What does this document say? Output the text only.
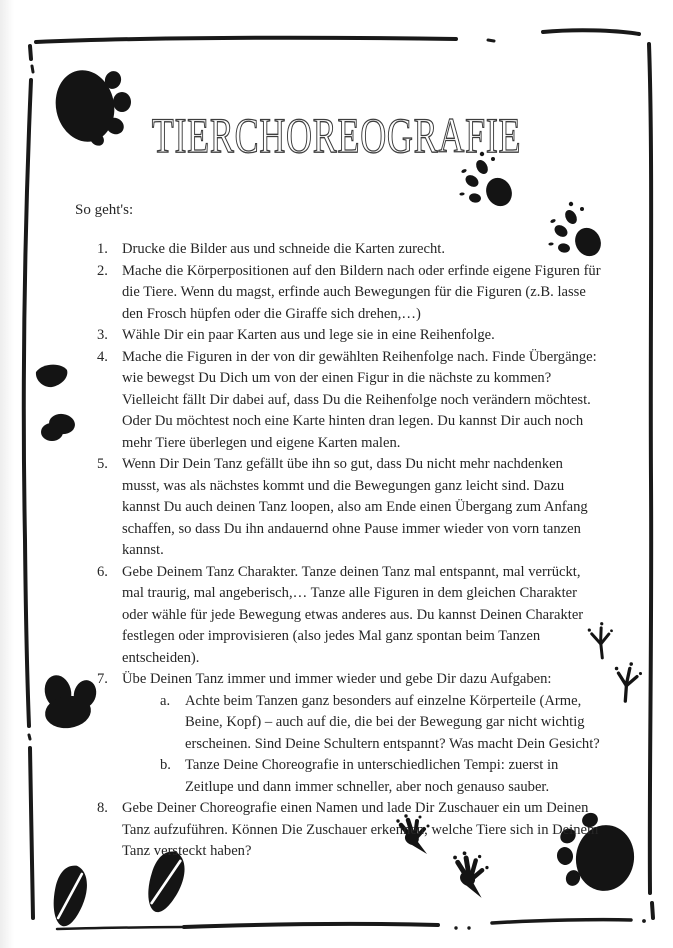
TIERCHOREOGRAFIE

So geht's:

1. Drucke die Bilder aus und schneide die Karten zurecht.
2. Mache die Körperpositionen auf den Bildern nach oder erfinde eigene Figuren für die Tiere. Wenn du magst, erfinde auch Bewegungen für die Figuren (z.B. lasse den Frosch hüpfen oder die Giraffe sich drehen,…)
3. Wähle Dir ein paar Karten aus und lege sie in eine Reihenfolge.
4. Mache die Figuren in der von dir gewählten Reihenfolge nach. Finde Übergänge: wie bewegst Du Dich um von der einen Figur in die nächste zu kommen? Vielleicht fällt Dir dabei auf, dass Du die Reihenfolge noch verändern möchtest. Oder Du möchtest noch eine Karte hinten dran legen. Du kannst Dir auch noch mehr Tiere überlegen und eigene Karten malen.
5. Wenn Dir Dein Tanz gefällt übe ihn so gut, dass Du nicht mehr nachdenken musst, was als nächstes kommt und die Bewegungen ganz leicht sind. Dazu kannst Du auch deinen Tanz loopen, also am Ende einen Übergang zum Anfang schaffen, so dass Du ihn andauernd ohne Pause immer wieder von vorn tanzen kannst.
6. Gebe Deinem Tanz Charakter. Tanze deinen Tanz mal entspannt, mal verrückt, mal traurig, mal angeberisch,… Tanze alle Figuren in dem gleichen Charakter oder wähle für jede Bewegung etwas anderes aus. Du kannst Deinen Charakter festlegen oder improvisieren (also jedes Mal ganz spontan beim Tanzen entscheiden).
7. Übe Deinen Tanz immer und immer wieder und gebe Dir dazu Aufgaben:
a.	Achte beim Tanzen ganz besonders auf einzelne Körperteile (Arme, Beine, Kopf) – auch auf die, die bei der Bewegung gar nicht wichtig erscheinen. Sind Deine Schultern entspannt? Was macht Dein Gesicht?
b. Tanze Deine Choreografie in unterschiedlichen Tempi: zuerst in Zeitlupe und dann immer schneller, aber noch genauso sauber.
8. Gebe Deiner Choreografie einen Namen und lade Dir Zuschauer ein um Deinen Tanz aufzuführen. Können Die Zuschauer erkennen, welche Tiere sich in Deinem Tanz versteckt haben?
